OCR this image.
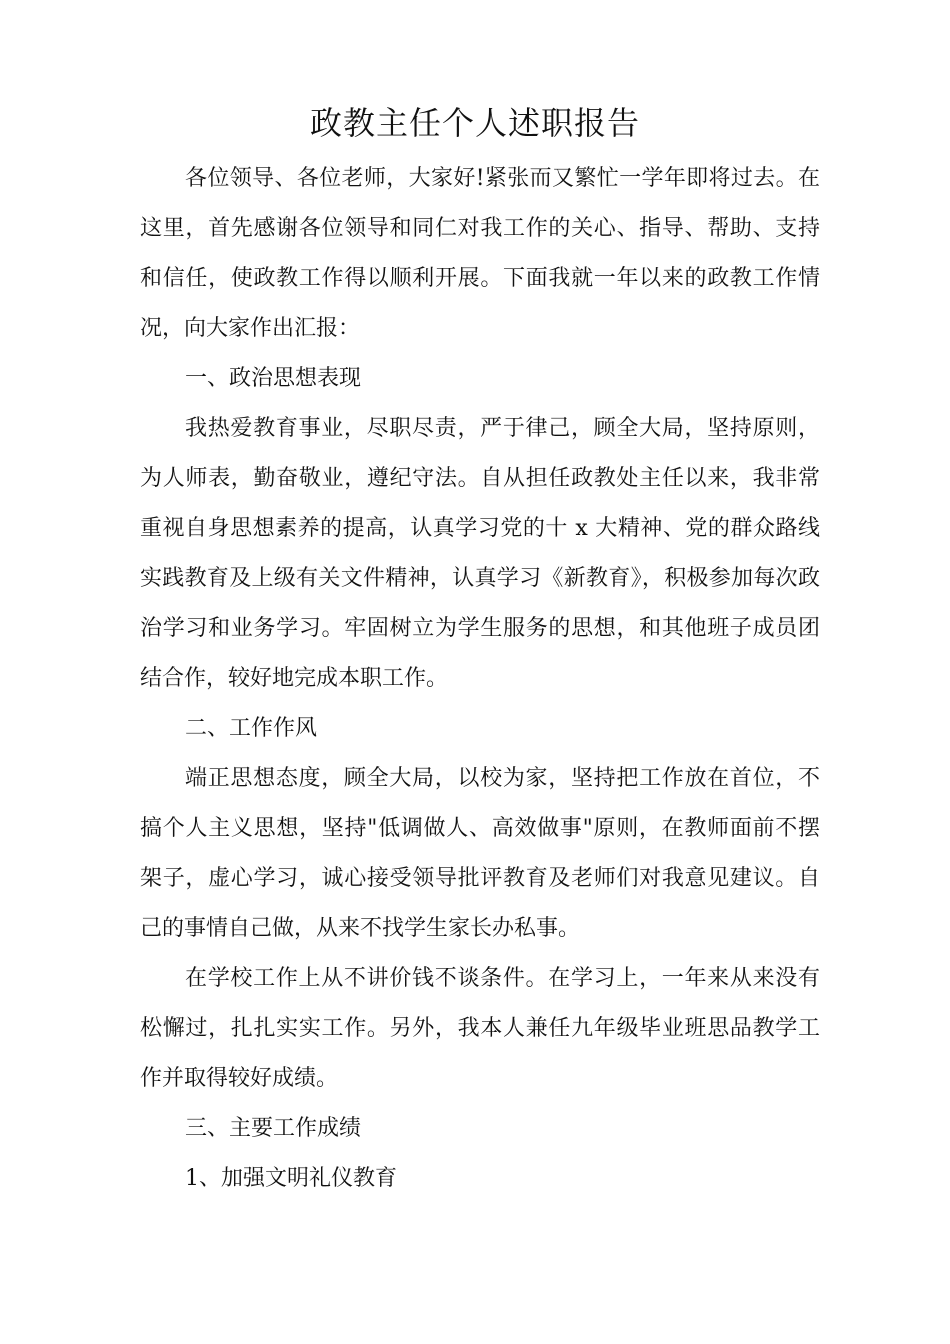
政教主任个人述职报告

各位领导、各位老师，大家好!紧张而又繁忙一学年即将过去。在这里，首先感谢各位领导和同仁对我工作的关心、指导、帮助、支持和信任，使政教工作得以顺利开展。下面我就一年以来的政教工作情况，向大家作出汇报：

一、政治思想表现

我热爱教育事业，尽职尽责，严于律己，顾全大局，坚持原则，为人师表，勤奋敬业，遵纪守法。自从担任政教处主任以来，我非常重视自身思想素养的提高，认真学习党的十 x 大精神、党的群众路线实践教育及上级有关文件精神，认真学习《新教育》，积极参加每次政治学习和业务学习。牢固树立为学生服务的思想，和其他班子成员团结合作，较好地完成本职工作。

二、工作作风

端正思想态度，顾全大局，以校为家，坚持把工作放在首位，不搞个人主义思想，坚持"低调做人、高效做事"原则，在教师面前不摆架子，虚心学习，诚心接受领导批评教育及老师们对我意见建议。自己的事情自己做，从来不找学生家长办私事。

在学校工作上从不讲价钱不谈条件。在学习上，一年来从来没有松懈过，扎扎实实工作。另外，我本人兼任九年级毕业班思品教学工作并取得较好成绩。

三、主要工作成绩

1、加强文明礼仪教育
